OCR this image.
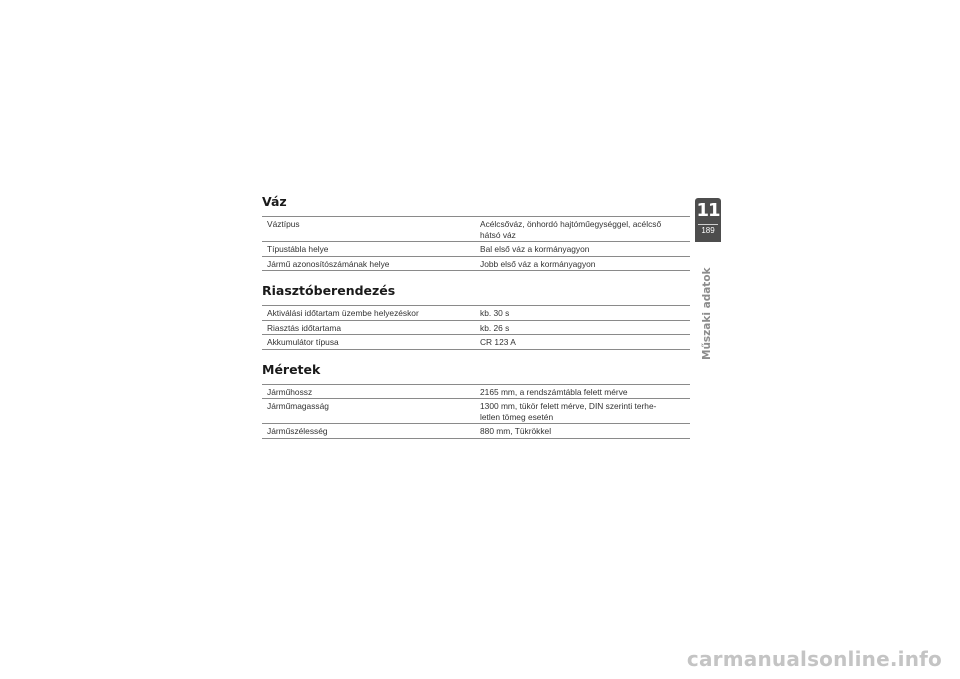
Váz
Váztípus	Acélcsőváz, önhordó hajtóműegységgel, acélcső
hátsó váz
Típustábla helye	Bal első váz a kormányagyon
Jármű azonosítószámának helye	Jobb első váz a kormányagyon
Riasztóberendezés
Aktiválási időtartam üzembe helyezéskor	kb. 30 s
Riasztás időtartama	kb. 26 s
Akkumulátor típusa	CR 123 A
Méretek
Járműhossz	2165 mm, a rendszámtábla felett mérve
Járműmagasság	1300 mm, tükör felett mérve, DIN szerinti terhe-
letlen tömeg esetén
Járműszélesség	880 mm, Tükrökkel
11
189
Műszaki adatok
carmanualsonline.info
